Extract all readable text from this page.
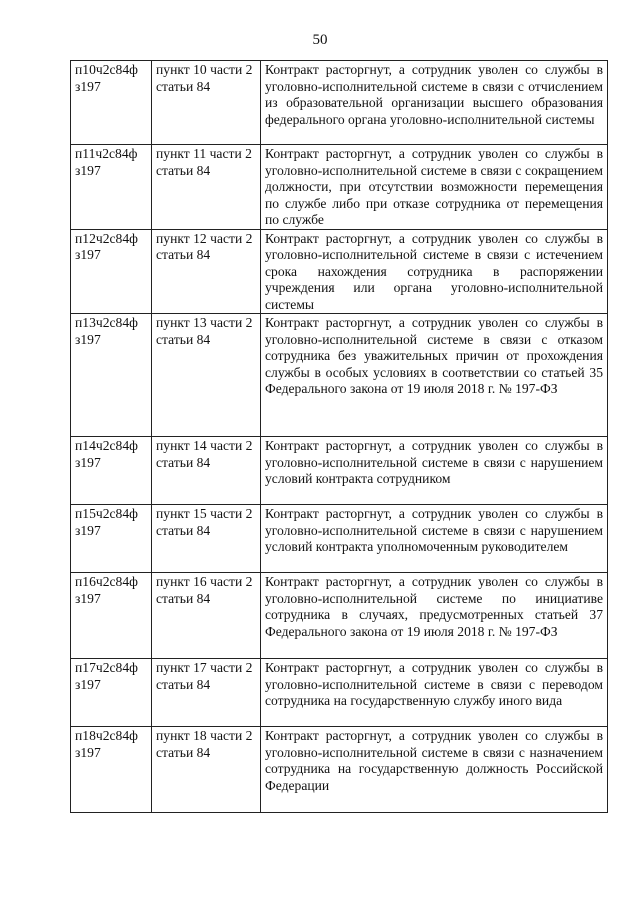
50
п10ч2с84ф з197	пункт 10 части 2 статьи 84	Контракт расторгнут, а сотрудник уволен со службы в уголовно-исполнительной системе в связи с отчислением из образовательной организации высшего образования федерального органа уголовно-исполнительной системы
п11ч2с84ф з197	пункт 11 части 2 статьи 84	Контракт расторгнут, а сотрудник уволен со службы в уголовно-исполнительной системе в связи с сокращением должности, при отсутствии возможности перемещения по службе либо при отказе сотрудника от перемещения по службе
п12ч2с84ф з197	пункт 12 части 2 статьи 84	Контракт расторгнут, а сотрудник уволен со службы в уголовно-исполнительной системе в связи с истечением срока нахождения сотрудника в распоряжении учреждения или органа уголовно-исполнительной системы
п13ч2с84ф з197	пункт 13 части 2 статьи 84	Контракт расторгнут, а сотрудник уволен со службы в уголовно-исполнительной системе в связи с отказом сотрудника без уважительных причин от прохождения службы в особых условиях в соответствии со статьей 35 Федерального закона от 19 июля 2018 г. № 197-ФЗ
п14ч2с84ф з197	пункт 14 части 2 статьи 84	Контракт расторгнут, а сотрудник уволен со службы в уголовно-исполнительной системе в связи с нарушением условий контракта сотрудником
п15ч2с84ф з197	пункт 15 части 2 статьи 84	Контракт расторгнут, а сотрудник уволен со службы в уголовно-исполнительной системе в связи с нарушением условий контракта уполномоченным руководителем
п16ч2с84ф з197	пункт 16 части 2 статьи 84	Контракт расторгнут, а сотрудник уволен со службы в уголовно-исполнительной системе по инициативе сотрудника в случаях, предусмотренных статьей 37 Федерального закона от 19 июля 2018 г. № 197-ФЗ
п17ч2с84ф з197	пункт 17 части 2 статьи 84	Контракт расторгнут, а сотрудник уволен со службы в уголовно-исполнительной системе в связи с переводом сотрудника на государственную службу иного вида
п18ч2с84ф з197	пункт 18 части 2 статьи 84	Контракт расторгнут, а сотрудник уволен со службы в уголовно-исполнительной системе в связи с назначением сотрудника на государственную должность Российской Федерации
